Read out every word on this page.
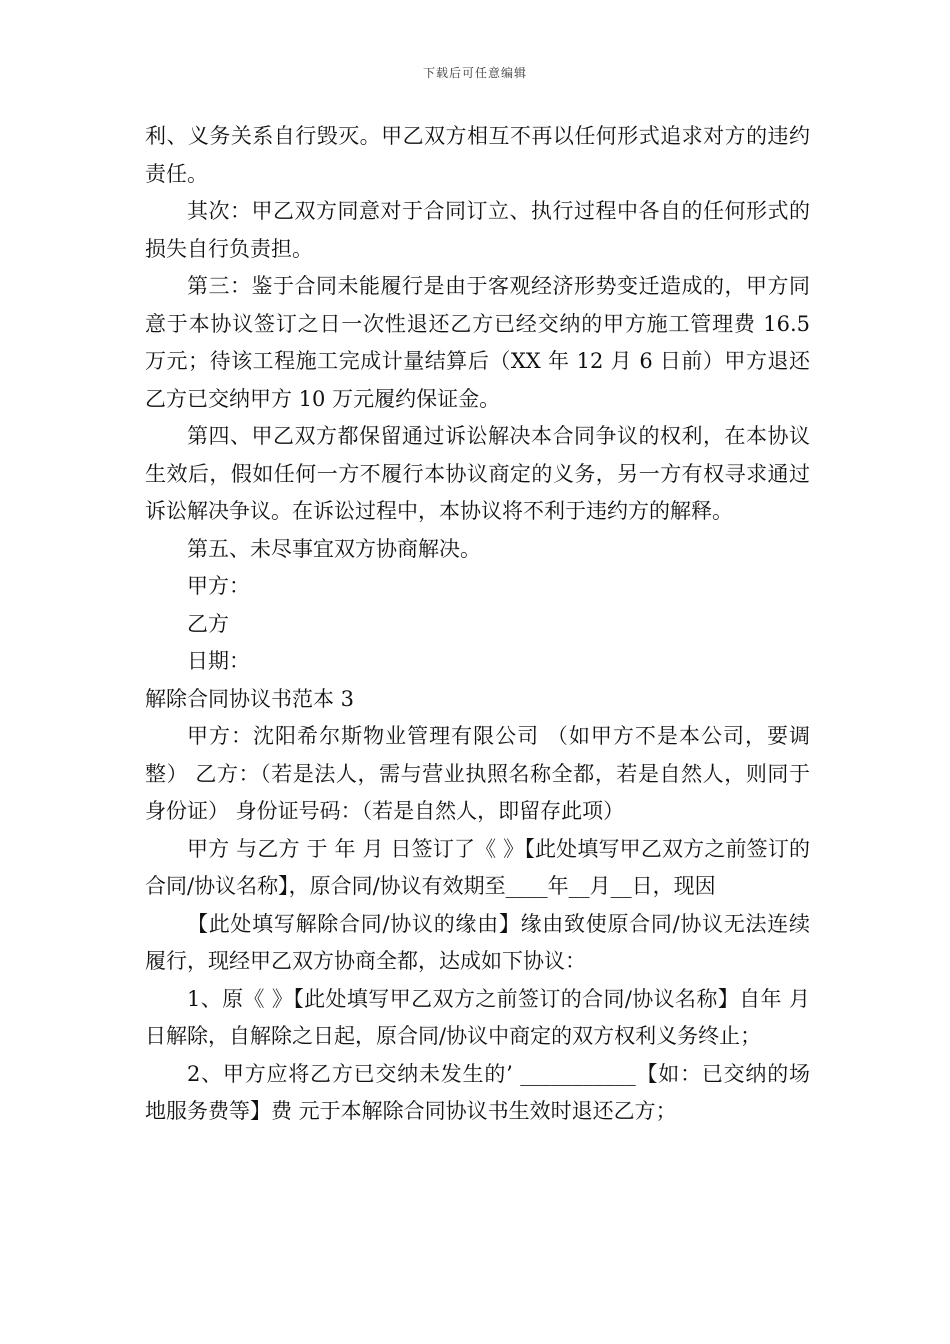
下载后可任意编辑

利、义务关系自行毁灭。甲乙双方相互不再以任何形式追求对方的违约责任。

其次：甲乙双方同意对于合同订立、执行过程中各自的任何形式的损失自行负责担。

第三：鉴于合同未能履行是由于客观经济形势变迁造成的，甲方同意于本协议签订之日一次性退还乙方已经交纳的甲方施工管理费 16.5 万元；待该工程施工完成计量结算后（XX 年 12 月 6 日前）甲方退还乙方已交纳甲方 10 万元履约保证金。

第四、甲乙双方都保留通过诉讼解决本合同争议的权利，在本协议生效后，假如任何一方不履行本协议商定的义务，另一方有权寻求通过诉讼解决争议。在诉讼过程中，本协议将不利于违约方的解释。

第五、未尽事宜双方协商解决。

甲方：

乙方

日期：

解除合同协议书范本 3

甲方：沈阳希尔斯物业管理有限公司 （如甲方不是本公司，要调整） 乙方：（若是法人，需与营业执照名称全都，若是自然人，则同于身份证） 身份证号码：（若是自然人，即留存此项）

甲方 与乙方 于 年 月 日签订了《 》【此处填写甲乙双方之前签订的合同/协议名称】，原合同/协议有效期至____年__月__日，现因

【此处填写解除合同/协议的缘由】缘由致使原合同/协议无法连续履行，现经甲乙双方协商全都，达成如下协议：

1、原《 》【此处填写甲乙双方之前签订的合同/协议名称】自年 月 日解除，自解除之日起，原合同/协议中商定的双方权利义务终止；

2、甲方应将乙方已交纳未发生的’ ___________【如：已交纳的场地服务费等】费 元于本解除合同协议书生效时退还乙方；
